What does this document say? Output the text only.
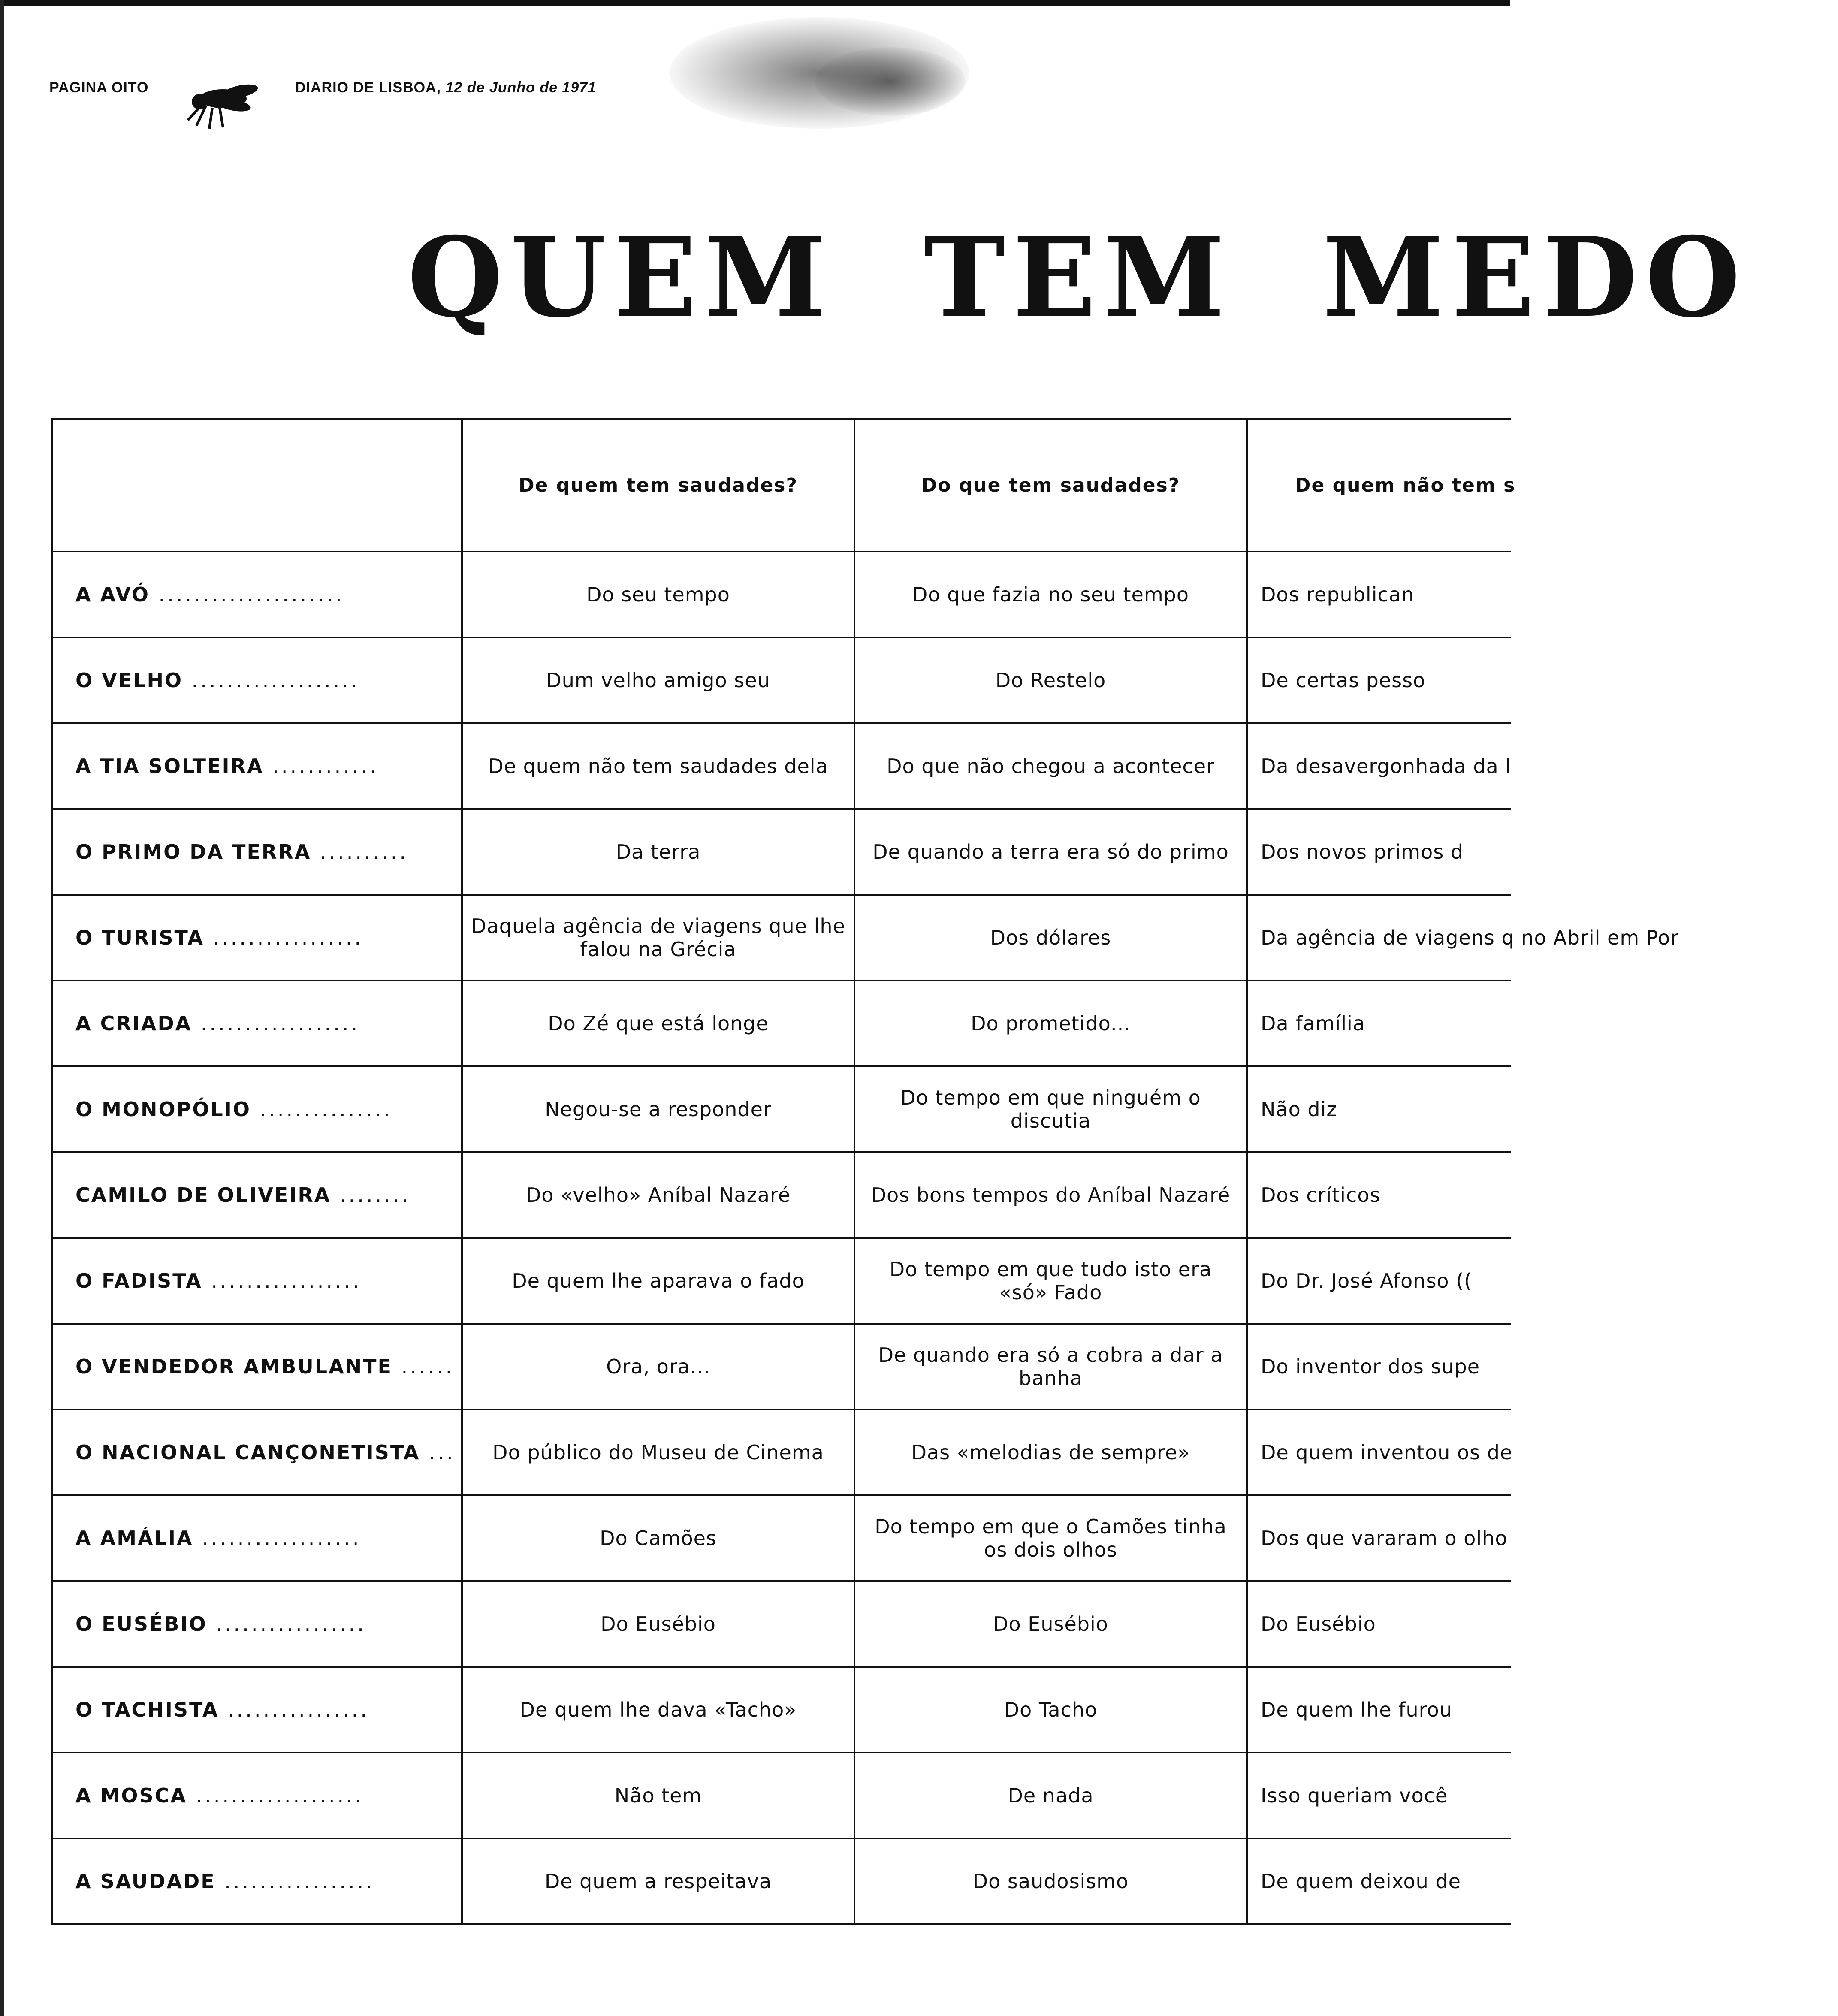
PAGINA OITO	DIARIO DE LISBOA, 12 de Junho de 1971
QUEM TEM MEDO
	De quem tem saudades?	Do que tem saudades?	De quem não tem s
A AVÓ .....................	Do seu tempo	Do que fazia no seu tempo	Dos republican
O VELHO ...................	Dum velho amigo seu	Do Restelo	De certas pesso
A TIA SOLTEIRA ............	De quem não tem saudades dela	Do que não chegou a acontecer	Da desavergonhada da l
O PRIMO DA TERRA ..........	Da terra	De quando a terra era só do primo	Dos novos primos d
O TURISTA .................	Daquela agência de viagens que lhe falou na Grécia	Dos dólares	Da agência de viagens q no Abril em Por
A CRIADA ..................	Do Zé que está longe	Do prometido...	Da família
O MONOPÓLIO ...............	Negou-se a responder	Do tempo em que ninguém o discutia	Não diz
CAMILO DE OLIVEIRA ........	Do «velho» Aníbal Nazaré	Dos bons tempos do Aníbal Nazaré	Dos críticos
O FADISTA .................	De quem lhe aparava o fado	Do tempo em que tudo isto era «só» Fado	Do Dr. José Afonso ((
O VENDEDOR AMBULANTE ......	Ora, ora...	De quando era só a cobra a dar a banha	Do inventor dos supe
O NACIONAL CANÇONETISTA ...	Do público do Museu de Cinema	Das «melodias de sempre»	De quem inventou os de
A AMÁLIA ..................	Do Camões	Do tempo em que o Camões tinha os dois olhos	Dos que vararam o olho
O EUSÉBIO .................	Do Eusébio	Do Eusébio	Do Eusébio
O TACHISTA ................	De quem lhe dava «Tacho»	Do Tacho	De quem lhe furou
A MOSCA ...................	Não tem	De nada	Isso queriam você
A SAUDADE .................	De quem a respeitava	Do saudosismo	De quem deixou de
